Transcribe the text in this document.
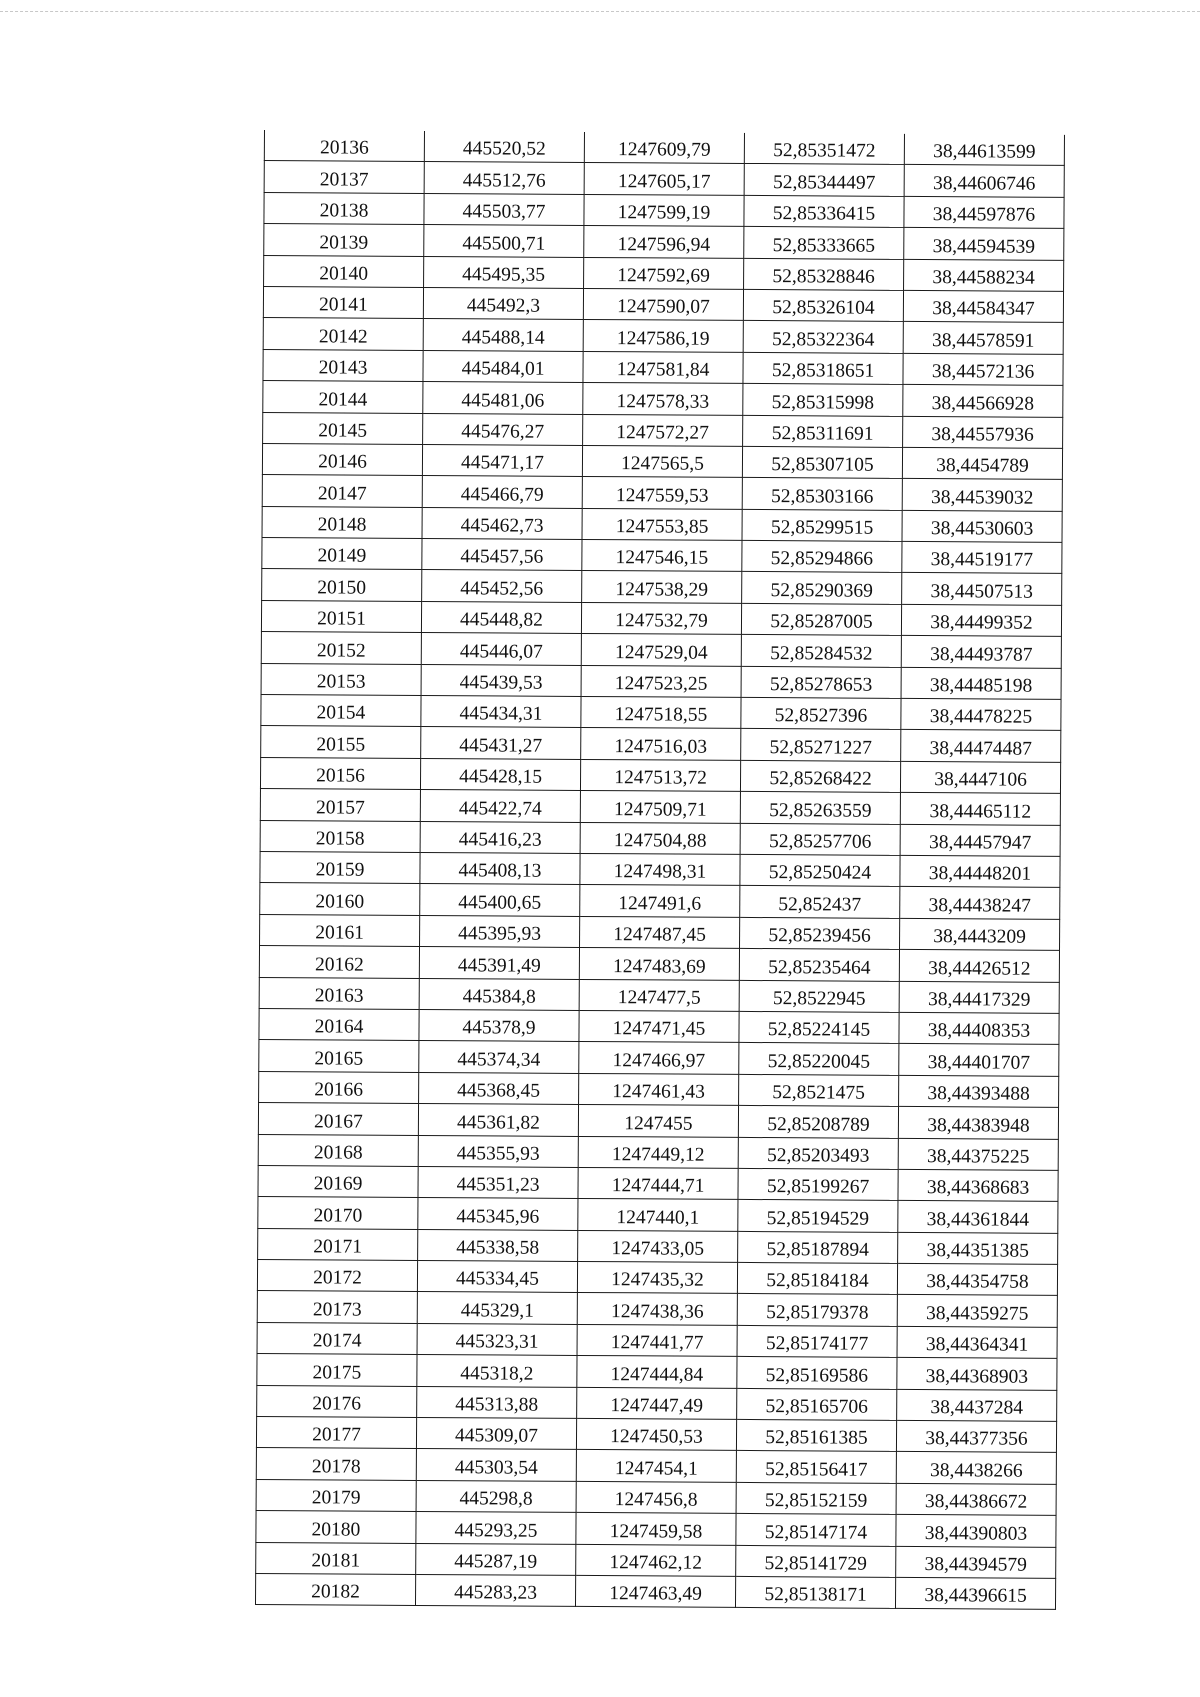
20136	445520,52	1247609,79	52,85351472	38,44613599
20137	445512,76	1247605,17	52,85344497	38,44606746
20138	445503,77	1247599,19	52,85336415	38,44597876
20139	445500,71	1247596,94	52,85333665	38,44594539
20140	445495,35	1247592,69	52,85328846	38,44588234
20141	445492,3	1247590,07	52,85326104	38,44584347
20142	445488,14	1247586,19	52,85322364	38,44578591
20143	445484,01	1247581,84	52,85318651	38,44572136
20144	445481,06	1247578,33	52,85315998	38,44566928
20145	445476,27	1247572,27	52,85311691	38,44557936
20146	445471,17	1247565,5	52,85307105	38,4454789
20147	445466,79	1247559,53	52,85303166	38,44539032
20148	445462,73	1247553,85	52,85299515	38,44530603
20149	445457,56	1247546,15	52,85294866	38,44519177
20150	445452,56	1247538,29	52,85290369	38,44507513
20151	445448,82	1247532,79	52,85287005	38,44499352
20152	445446,07	1247529,04	52,85284532	38,44493787
20153	445439,53	1247523,25	52,85278653	38,44485198
20154	445434,31	1247518,55	52,8527396	38,44478225
20155	445431,27	1247516,03	52,85271227	38,44474487
20156	445428,15	1247513,72	52,85268422	38,4447106
20157	445422,74	1247509,71	52,85263559	38,44465112
20158	445416,23	1247504,88	52,85257706	38,44457947
20159	445408,13	1247498,31	52,85250424	38,44448201
20160	445400,65	1247491,6	52,852437	38,44438247
20161	445395,93	1247487,45	52,85239456	38,4443209
20162	445391,49	1247483,69	52,85235464	38,44426512
20163	445384,8	1247477,5	52,8522945	38,44417329
20164	445378,9	1247471,45	52,85224145	38,44408353
20165	445374,34	1247466,97	52,85220045	38,44401707
20166	445368,45	1247461,43	52,8521475	38,44393488
20167	445361,82	1247455	52,85208789	38,44383948
20168	445355,93	1247449,12	52,85203493	38,44375225
20169	445351,23	1247444,71	52,85199267	38,44368683
20170	445345,96	1247440,1	52,85194529	38,44361844
20171	445338,58	1247433,05	52,85187894	38,44351385
20172	445334,45	1247435,32	52,85184184	38,44354758
20173	445329,1	1247438,36	52,85179378	38,44359275
20174	445323,31	1247441,77	52,85174177	38,44364341
20175	445318,2	1247444,84	52,85169586	38,44368903
20176	445313,88	1247447,49	52,85165706	38,4437284
20177	445309,07	1247450,53	52,85161385	38,44377356
20178	445303,54	1247454,1	52,85156417	38,4438266
20179	445298,8	1247456,8	52,85152159	38,44386672
20180	445293,25	1247459,58	52,85147174	38,44390803
20181	445287,19	1247462,12	52,85141729	38,44394579
20182	445283,23	1247463,49	52,85138171	38,44396615
